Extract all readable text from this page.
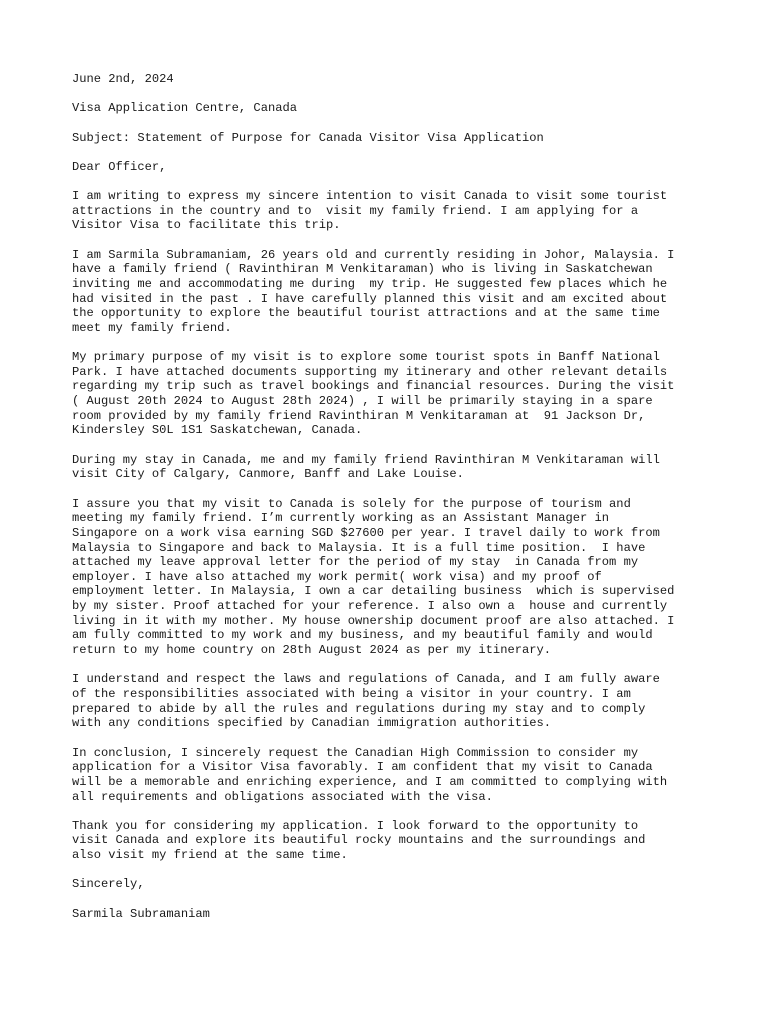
June 2nd, 2024

Visa Application Centre, Canada

Subject: Statement of Purpose for Canada Visitor Visa Application

Dear Officer,

I am writing to express my sincere intention to visit Canada to visit some tourist

attractions in the country and to  visit my family friend. I am applying for a

Visitor Visa to facilitate this trip.

I am Sarmila Subramaniam, 26 years old and currently residing in Johor, Malaysia. I

have a family friend ( Ravinthiran M Venkitaraman) who is living in Saskatchewan

inviting me and accommodating me during  my trip. He suggested few places which he

had visited in the past . I have carefully planned this visit and am excited about

the opportunity to explore the beautiful tourist attractions and at the same time

meet my family friend.

My primary purpose of my visit is to explore some tourist spots in Banff National

Park. I have attached documents supporting my itinerary and other relevant details

regarding my trip such as travel bookings and financial resources. During the visit

( August 20th 2024 to August 28th 2024) , I will be primarily staying in a spare

room provided by my family friend Ravinthiran M Venkitaraman at  91 Jackson Dr,

Kindersley S0L 1S1 Saskatchewan, Canada.

During my stay in Canada, me and my family friend Ravinthiran M Venkitaraman will

visit City of Calgary, Canmore, Banff and Lake Louise.

I assure you that my visit to Canada is solely for the purpose of tourism and

meeting my family friend. I’m currently working as an Assistant Manager in

Singapore on a work visa earning SGD $27600 per year. I travel daily to work from

Malaysia to Singapore and back to Malaysia. It is a full time position.  I have

attached my leave approval letter for the period of my stay  in Canada from my

employer. I have also attached my work permit( work visa) and my proof of

employment letter. In Malaysia, I own a car detailing business  which is supervised

by my sister. Proof attached for your reference. I also own a  house and currently

living in it with my mother. My house ownership document proof are also attached. I

am fully committed to my work and my business, and my beautiful family and would

return to my home country on 28th August 2024 as per my itinerary.

I understand and respect the laws and regulations of Canada, and I am fully aware

of the responsibilities associated with being a visitor in your country. I am

prepared to abide by all the rules and regulations during my stay and to comply

with any conditions specified by Canadian immigration authorities.

In conclusion, I sincerely request the Canadian High Commission to consider my

application for a Visitor Visa favorably. I am confident that my visit to Canada

will be a memorable and enriching experience, and I am committed to complying with

all requirements and obligations associated with the visa.

Thank you for considering my application. I look forward to the opportunity to

visit Canada and explore its beautiful rocky mountains and the surroundings and

also visit my friend at the same time.

Sincerely,

Sarmila Subramaniam
